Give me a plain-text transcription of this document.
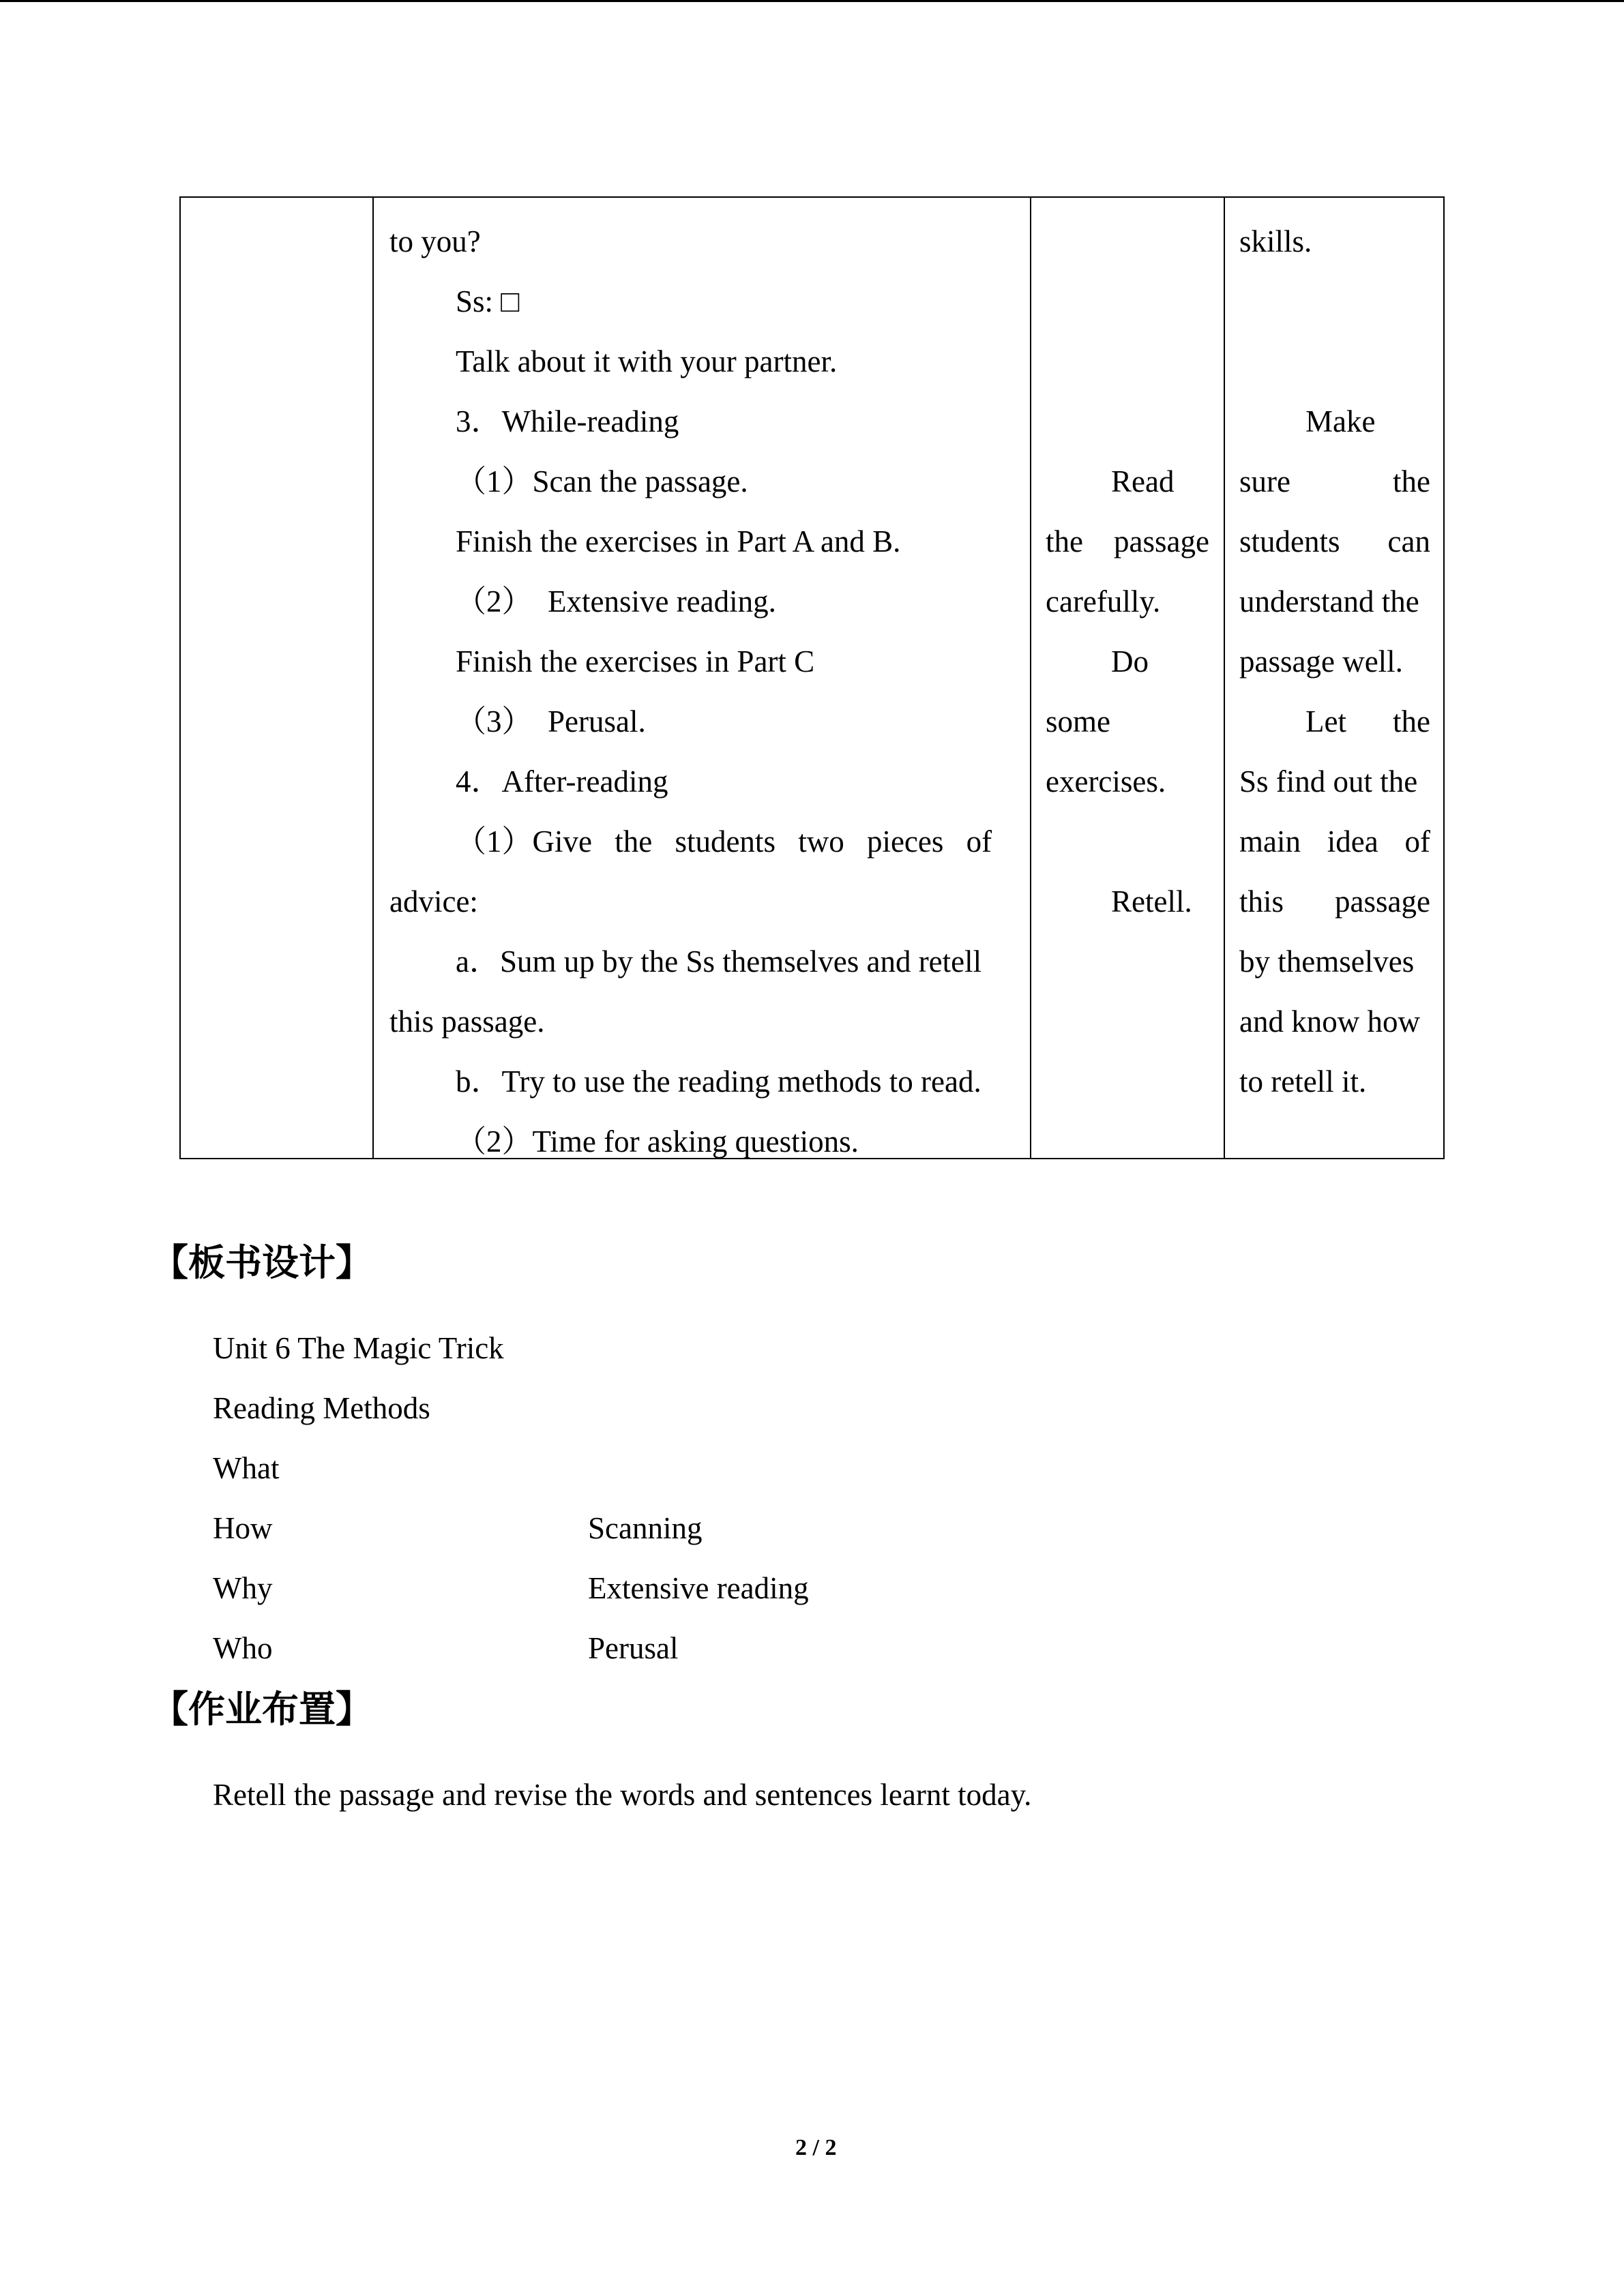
to you?
Ss: □
Talk about it with your partner.
3．While-reading
（1）Scan the passage.
Finish the exercises in Part A and B.
（2）  Extensive reading.
Finish the exercises in Part C
（3）  Perusal.
4．After-reading
（1）Give the students two pieces of
advice:
a．Sum up by the Ss themselves and retell
this passage.
b．Try to use the reading methods to read.
（2）Time for asking questions.
Read
the passage
carefully.
Do
some
exercises.
Retell.
skills.
Make
sure	the
students can
understand the
passage well.
Let the
Ss find out the
main idea of
this passage
by themselves
and know how
to retell it.
【板书设计】
Unit 6 The Magic Trick
Reading Methods
What
How
Why
Who
Scanning
Extensive reading
Perusal
【作业布置】
Retell the passage and revise the words and sentences learnt today.
2 / 2
